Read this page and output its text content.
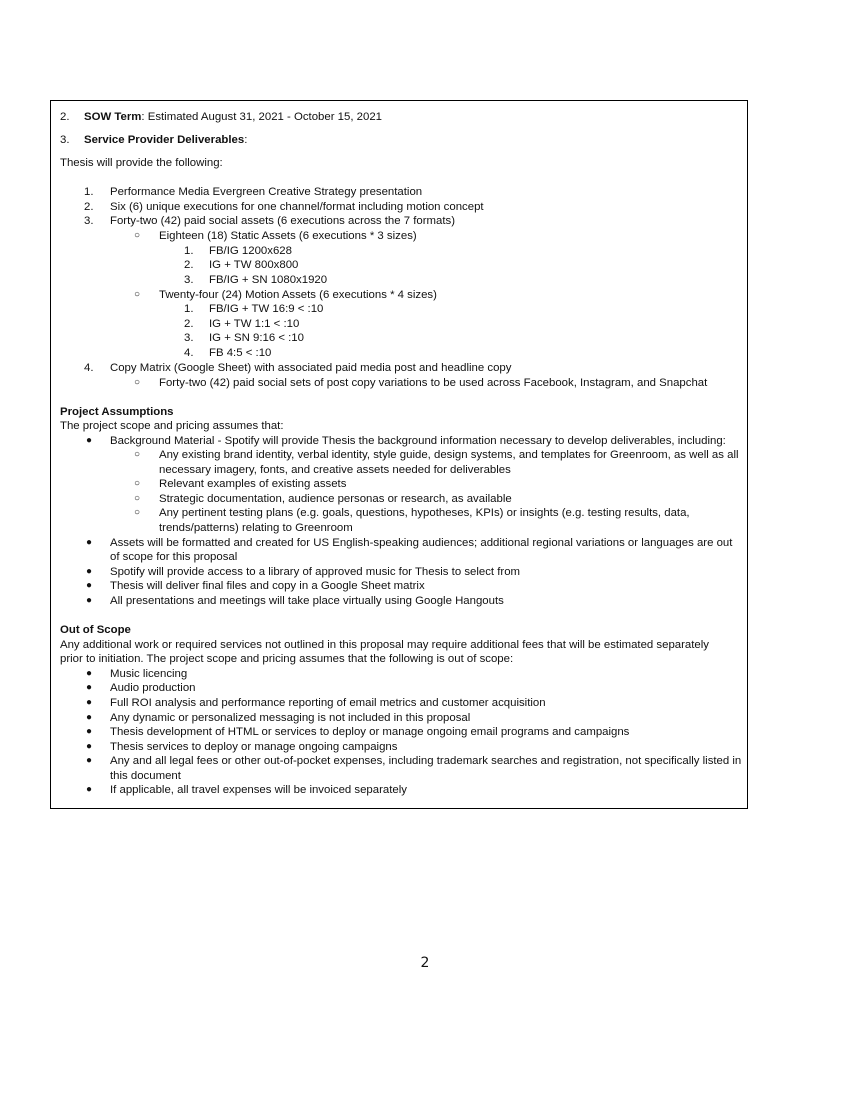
2. SOW Term: Estimated August 31, 2021 - October 15, 2021
3. Service Provider Deliverables:
Thesis will provide the following:
1. Performance Media Evergreen Creative Strategy presentation
2. Six (6) unique executions for one channel/format including motion concept
3. Forty-two (42) paid social assets (6 executions across the 7 formats)
○ Eighteen (18) Static Assets (6 executions * 3 sizes)
1. FB/IG 1200x628
2. IG + TW 800x800
3. FB/IG + SN 1080x1920
○ Twenty-four (24) Motion Assets (6 executions * 4 sizes)
1. FB/IG + TW 16:9 < :10
2. IG + TW 1:1 < :10
3. IG + SN 9:16 < :10
4. FB 4:5 < :10
4. Copy Matrix (Google Sheet) with associated paid media post and headline copy
○ Forty-two (42) paid social sets of post copy variations to be used across Facebook, Instagram, and Snapchat
Project Assumptions
The project scope and pricing assumes that:
● Background Material - Spotify will provide Thesis the background information necessary to develop deliverables, including:
○ Any existing brand identity, verbal identity, style guide, design systems, and templates for Greenroom, as well as all
necessary imagery, fonts, and creative assets needed for deliverables
○ Relevant examples of existing assets
○ Strategic documentation, audience personas or research, as available
○ Any pertinent testing plans (e.g. goals, questions, hypotheses, KPIs) or insights (e.g. testing results, data,
trends/patterns) relating to Greenroom
● Assets will be formatted and created for US English-speaking audiences; additional regional variations or languages are out
of scope for this proposal
● Spotify will provide access to a library of approved music for Thesis to select from
● Thesis will deliver final files and copy in a Google Sheet matrix
● All presentations and meetings will take place virtually using Google Hangouts
Out of Scope
Any additional work or required services not outlined in this proposal may require additional fees that will be estimated separately
prior to initiation. The project scope and pricing assumes that the following is out of scope:
● Music licencing
● Audio production
● Full ROI analysis and performance reporting of email metrics and customer acquisition
● Any dynamic or personalized messaging is not included in this proposal
● Thesis development of HTML or services to deploy or manage ongoing email programs and campaigns
● Thesis services to deploy or manage ongoing campaigns
● Any and all legal fees or other out-of-pocket expenses, including trademark searches and registration, not specifically listed in
this document
● If applicable, all travel expenses will be invoiced separately
2
